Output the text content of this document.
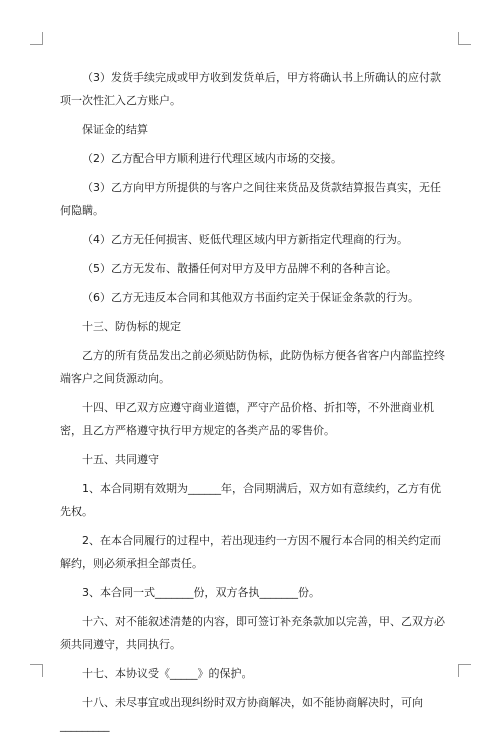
（3）发货手续完成或甲方收到发货单后，甲方将确认书上所确认的应付款项一次性汇入乙方账户。

保证金的结算

（2）乙方配合甲方顺利进行代理区域内市场的交接。

（3）乙方向甲方所提供的与客户之间往来货品及货款结算报告真实，无任何隐瞒。

（4）乙方无任何损害、贬低代理区域内甲方新指定代理商的行为。

（5）乙方无发布、散播任何对甲方及甲方品牌不利的各种言论。

（6）乙方无违反本合同和其他双方书面约定关于保证金条款的行为。

十三、防伪标的规定

乙方的所有货品发出之前必须贴防伪标，此防伪标方便各省客户内部监控终端客户之间货源动向。

十四、甲乙双方应遵守商业道德，严守产品价格、折扣等，不外泄商业机密，且乙方严格遵守执行甲方规定的各类产品的零售价。

十五、共同遵守

1、本合同期有效期为______年，合同期满后，双方如有意续约，乙方有优先权。

2、在本合同履行的过程中，若出现违约一方因不履行本合同的相关约定而解约，则必须承担全部责任。

3、本合同一式_______份，双方各执_______份。

十六、对不能叙述清楚的内容，即可签订补充条款加以完善，甲、乙双方必须共同遵守，共同执行。

十七、本协议受《_____》的保护。

十八、未尽事宜或出现纠纷时双方协商解决，如不能协商解决时，可向_________
